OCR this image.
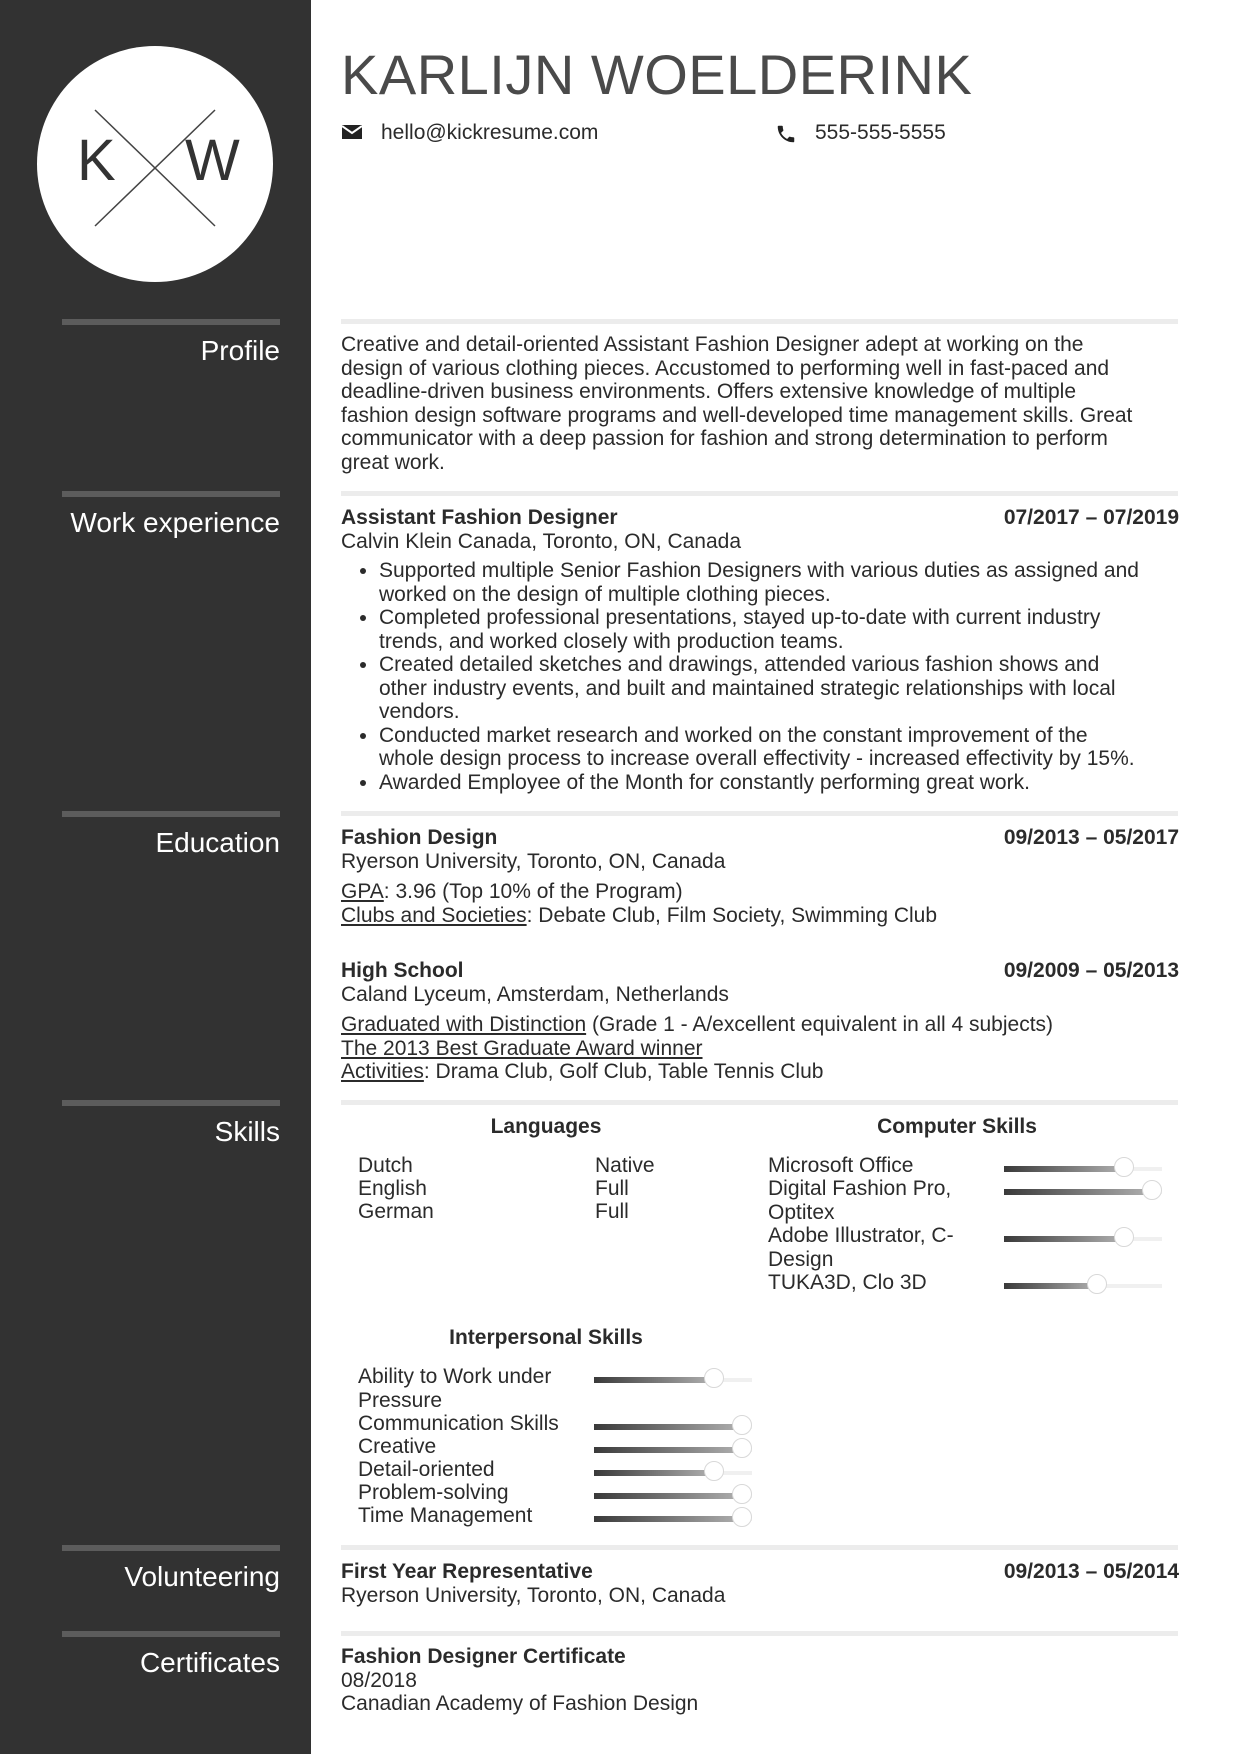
K W
Profile
Work experience
Education
Skills
Volunteering
Certificates
KARLIJN WOELDERINK
hello@kickresume.com	555-555-5555
Creative and detail-oriented Assistant Fashion Designer adept at working on the
design of various clothing pieces. Accustomed to performing well in fast-paced and
deadline-driven business environments. Offers extensive knowledge of multiple
fashion design software programs and well-developed time management skills. Great
communicator with a deep passion for fashion and strong determination to perform
great work.
Assistant Fashion Designer	07/2017 – 07/2019
Calvin Klein Canada, Toronto, ON, Canada
• Supported multiple Senior Fashion Designers with various duties as assigned and
worked on the design of multiple clothing pieces.
• Completed professional presentations, stayed up-to-date with current industry
trends, and worked closely with production teams.
• Created detailed sketches and drawings, attended various fashion shows and
other industry events, and built and maintained strategic relationships with local
vendors.
• Conducted market research and worked on the constant improvement of the
whole design process to increase overall effectivity - increased effectivity by 15%.
• Awarded Employee of the Month for constantly performing great work.
Fashion Design	09/2013 – 05/2017
Ryerson University, Toronto, ON, Canada
GPA: 3.96 (Top 10% of the Program)
Clubs and Societies: Debate Club, Film Society, Swimming Club
High School	09/2009 – 05/2013
Caland Lyceum, Amsterdam, Netherlands
Graduated with Distinction (Grade 1 - A/excellent equivalent in all 4 subjects)
The 2013 Best Graduate Award winner
Activities: Drama Club, Golf Club, Table Tennis Club
Languages	Computer Skills
Dutch	Native
English	Full
German	Full
Microsoft Office
Digital Fashion Pro,
Optitex
Adobe Illustrator, C-
Design
TUKA3D, Clo 3D
Interpersonal Skills
Ability to Work under
Pressure
Communication Skills
Creative
Detail-oriented
Problem-solving
Time Management
First Year Representative	09/2013 – 05/2014
Ryerson University, Toronto, ON, Canada
Fashion Designer Certificate
08/2018
Canadian Academy of Fashion Design
